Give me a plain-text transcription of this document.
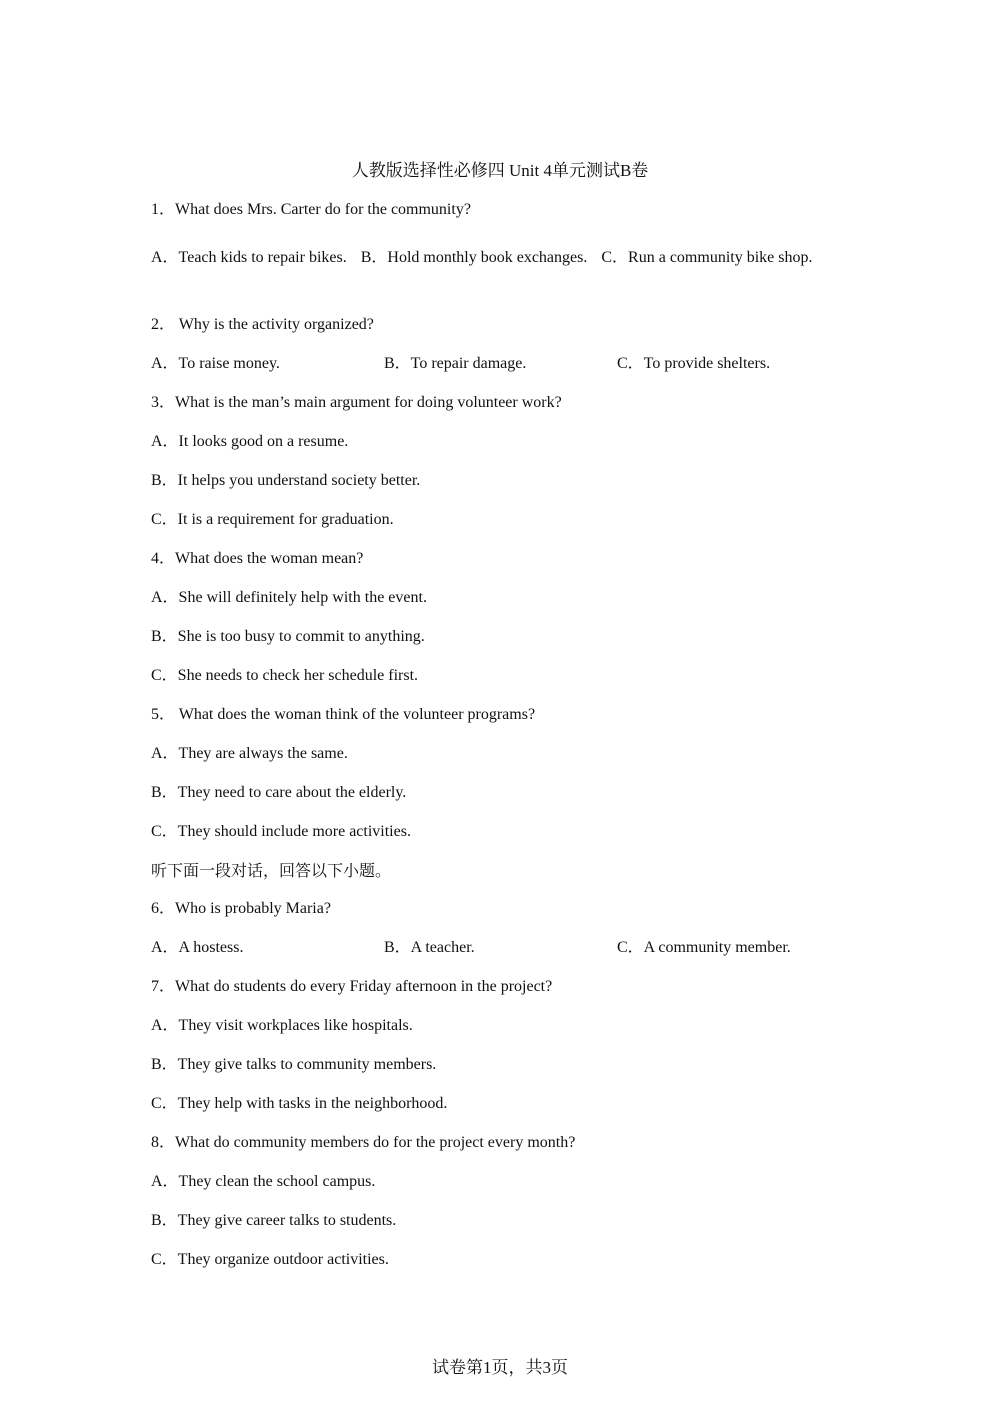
人教版选择性必修四 Unit 4单元测试B卷
1．What does Mrs. Carter do for the community?
A．Teach kids to repair bikes. B．Hold monthly book exchanges. C．Run a community bike shop.
2． Why is the activity organized?
A．To raise money.	B．To repair damage.	C．To provide shelters.
3．What is the man’s main argument for doing volunteer work?
A．It looks good on a resume.
B．It helps you understand society better.
C．It is a requirement for graduation.
4．What does the woman mean?
A．She will definitely help with the event.
B．She is too busy to commit to anything.
C．She needs to check her schedule first.
5． What does the woman think of the volunteer programs?
A．They are always the same.
B．They need to care about the elderly.
C．They should include more activities.
听下面一段对话，回答以下小题。
6．Who is probably Maria?
A．A hostess.	B．A teacher.	C．A community member.
7．What do students do every Friday afternoon in the project?
A．They visit workplaces like hospitals.
B．They give talks to community members.
C．They help with tasks in the neighborhood.
8．What do community members do for the project every month?
A．They clean the school campus.
B．They give career talks to students.
C．They organize outdoor activities.
试卷第1页，共3页
